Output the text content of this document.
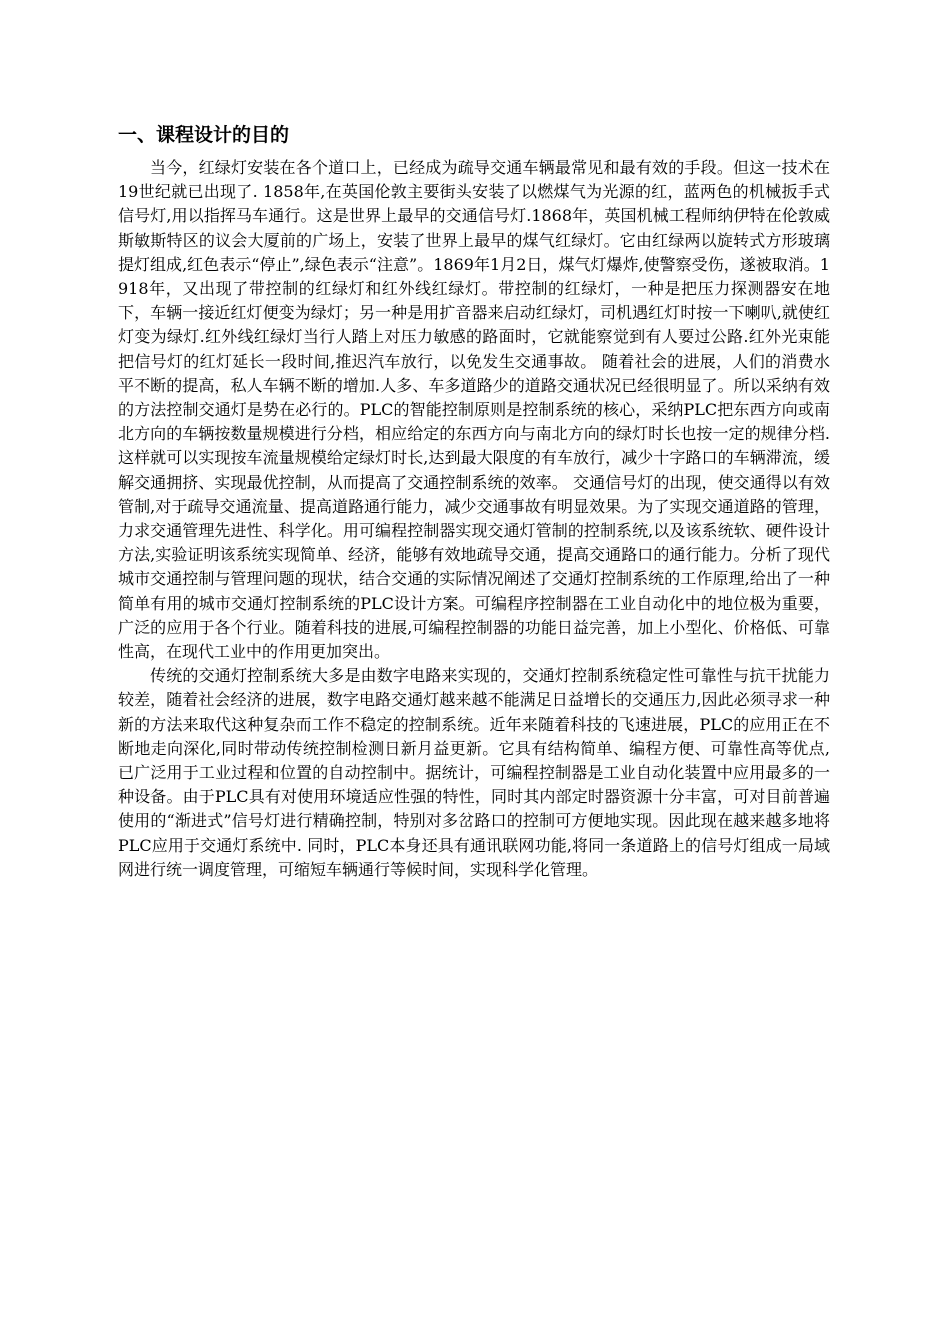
一、课程设计的目的

当今，红绿灯安装在各个道口上，已经成为疏导交通车辆最常见和最有效的手段。但这一技术在19世纪就已出现了. 1858年,在英国伦敦主要街头安装了以燃煤气为光源的红，蓝两色的机械扳手式信号灯,用以指挥马车通行。这是世界上最早的交通信号灯.1868年，英国机械工程师纳伊特在伦敦威斯敏斯特区的议会大厦前的广场上，安装了世界上最早的煤气红绿灯。它由红绿两以旋转式方形玻璃提灯组成,红色表示“停止”,绿色表示“注意”。1869年1月2日，煤气灯爆炸,使警察受伤，遂被取消。1918年，又出现了带控制的红绿灯和红外线红绿灯。带控制的红绿灯，一种是把压力探测器安在地下，车辆一接近红灯便变为绿灯；另一种是用扩音器来启动红绿灯，司机遇红灯时按一下喇叭,就使红灯变为绿灯.红外线红绿灯当行人踏上对压力敏感的路面时，它就能察觉到有人要过公路.红外光束能把信号灯的红灯延长一段时间,推迟汽车放行，以免发生交通事故。 随着社会的进展，人们的消费水平不断的提高，私人车辆不断的增加.人多、车多道路少的道路交通状况已经很明显了。所以采纳有效的方法控制交通灯是势在必行的。PLC的智能控制原则是控制系统的核心，采纳PLC把东西方向或南北方向的车辆按数量规模进行分档，相应给定的东西方向与南北方向的绿灯时长也按一定的规律分档. 这样就可以实现按车流量规模给定绿灯时长,达到最大限度的有车放行，减少十字路口的车辆滞流，缓解交通拥挤、实现最优控制，从而提高了交通控制系统的效率。 交通信号灯的出现，使交通得以有效管制,对于疏导交通流量、提高道路通行能力，减少交通事故有明显效果。为了实现交通道路的管理，力求交通管理先进性、科学化。用可编程控制器实现交通灯管制的控制系统,以及该系统软、硬件设计方法,实验证明该系统实现简单、经济，能够有效地疏导交通，提高交通路口的通行能力。分析了现代城市交通控制与管理问题的现状，结合交通的实际情况阐述了交通灯控制系统的工作原理,给出了一种简单有用的城市交通灯控制系统的PLC设计方案。可编程序控制器在工业自动化中的地位极为重要，广泛的应用于各个行业。随着科技的进展,可编程控制器的功能日益完善，加上小型化、价格低、可靠性高，在现代工业中的作用更加突出。

传统的交通灯控制系统大多是由数字电路来实现的，交通灯控制系统稳定性可靠性与抗干扰能力较差，随着社会经济的进展，数字电路交通灯越来越不能满足日益增长的交通压力,因此必须寻求一种新的方法来取代这种复杂而工作不稳定的控制系统。近年来随着科技的飞速进展，PLC的应用正在不断地走向深化,同时带动传统控制检测日新月益更新。它具有结构简单、编程方便、可靠性高等优点,已广泛用于工业过程和位置的自动控制中。据统计，可编程控制器是工业自动化装置中应用最多的一种设备。由于PLC具有对使用环境适应性强的特性，同时其内部定时器资源十分丰富，可对目前普遍使用的“渐进式”信号灯进行精确控制，特别对多岔路口的控制可方便地实现。因此现在越来越多地将PLC应用于交通灯系统中. 同时，PLC本身还具有通讯联网功能,将同一条道路上的信号灯组成一局域网进行统一调度管理，可缩短车辆通行等候时间，实现科学化管理。
